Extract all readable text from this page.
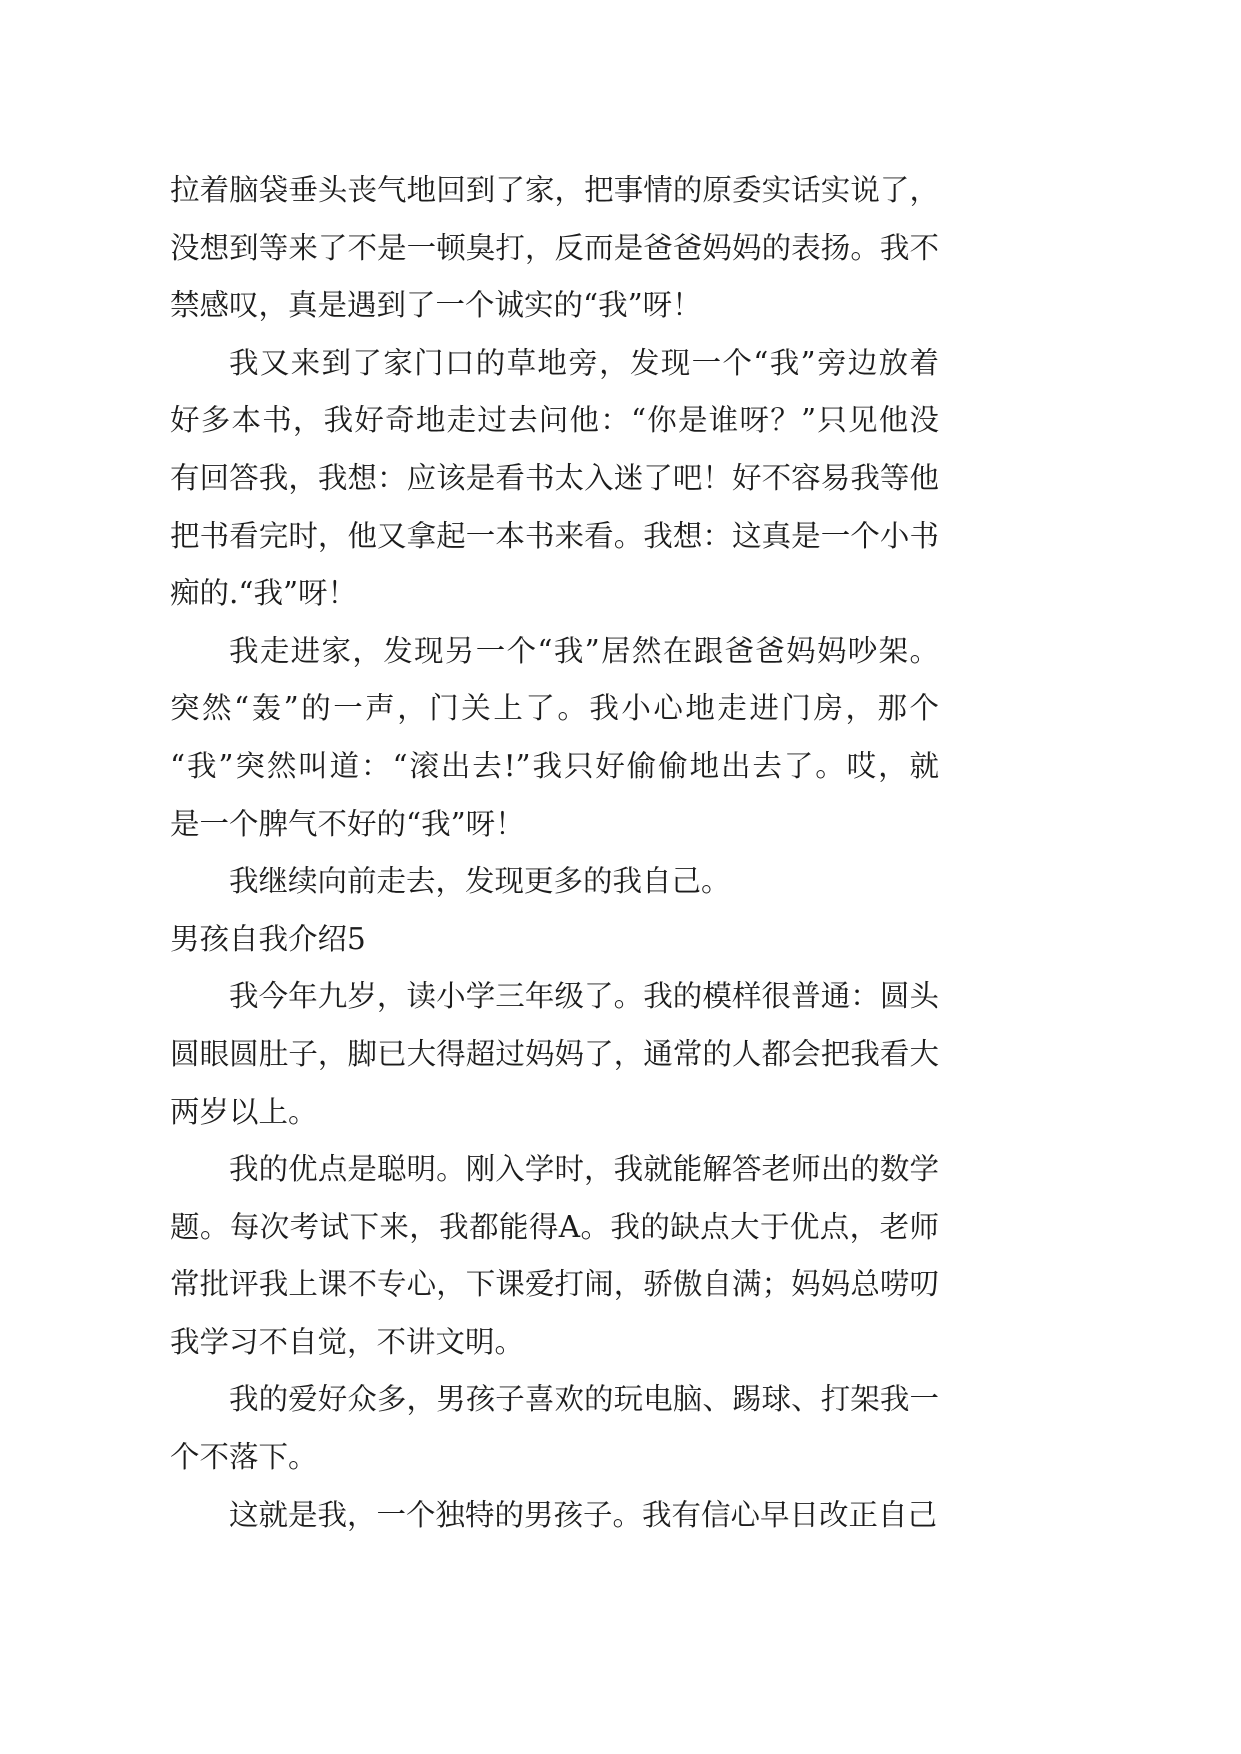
拉着脑袋垂头丧气地回到了家，把事情的原委实话实说了，
没想到等来了不是一顿臭打，反而是爸爸妈妈的表扬。我不
禁感叹，真是遇到了一个诚实的“我”呀！
我又来到了家门口的草地旁，发现一个“我”旁边放着
好多本书，我好奇地走过去问他：“你是谁呀？”只见他没
有回答我，我想：应该是看书太入迷了吧！好不容易我等他
把书看完时，他又拿起一本书来看。我想：这真是一个小书
痴的.“我”呀！
我走进家，发现另一个“我”居然在跟爸爸妈妈吵架。
突然“轰”的一声，门关上了。我小心地走进门房，那个
“我”突然叫道：“滚出去!”我只好偷偷地出去了。哎，就
是一个脾气不好的“我”呀！
我继续向前走去，发现更多的我自己。
男孩自我介绍5
我今年九岁，读小学三年级了。我的模样很普通：圆头
圆眼圆肚子，脚已大得超过妈妈了，通常的人都会把我看大
两岁以上。
我的优点是聪明。刚入学时，我就能解答老师出的数学
题。每次考试下来，我都能得A。我的缺点大于优点，老师
常批评我上课不专心，下课爱打闹，骄傲自满；妈妈总唠叨
我学习不自觉，不讲文明。
我的爱好众多，男孩子喜欢的玩电脑、踢球、打架我一
个不落下。
这就是我，一个独特的男孩子。我有信心早日改正自己
